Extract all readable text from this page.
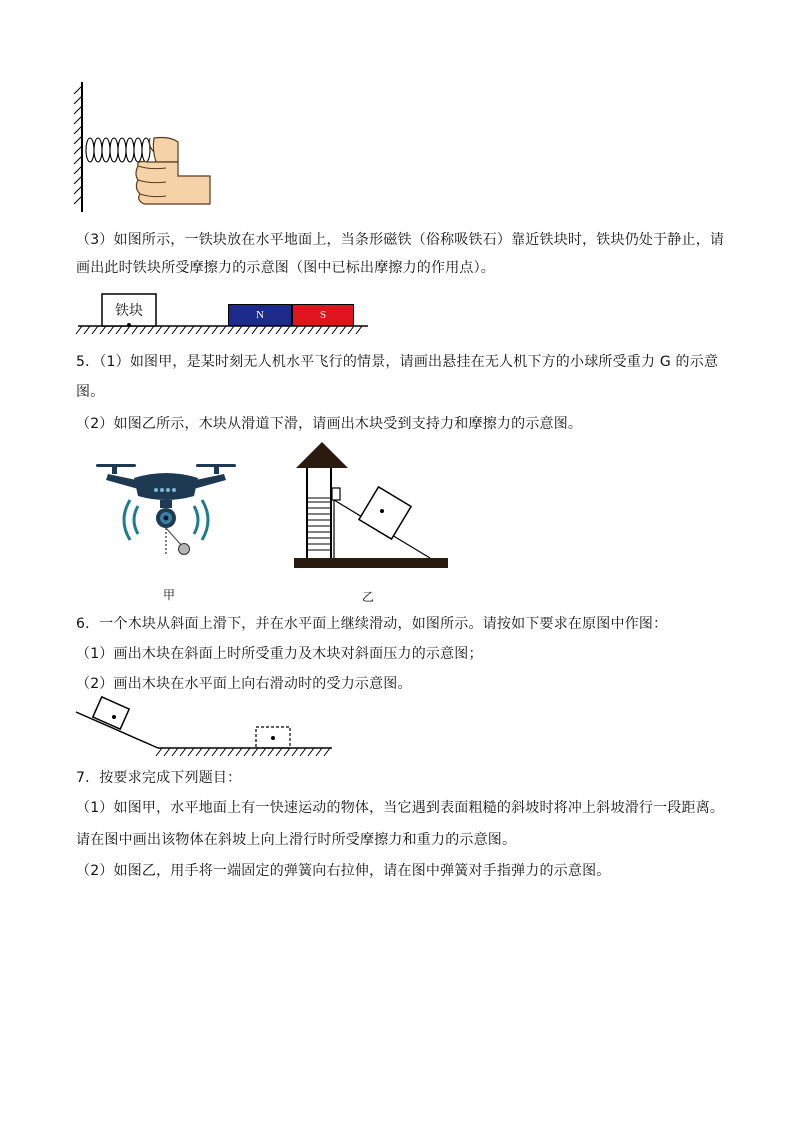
（3）如图所示，一铁块放在水平地面上，当条形磁铁（俗称吸铁石）靠近铁块时，铁块仍处于静止，请
画出此时铁块所受摩擦力的示意图（图中已标出摩擦力的作用点）。
铁块	N	S
5．（1）如图甲，是某时刻无人机水平飞行的情景，请画出悬挂在无人机下方的小球所受重力 G 的示意
图。
（2）如图乙所示，木块从滑道下滑，请画出木块受到支持力和摩擦力的示意图。
甲	乙
6．一个木块从斜面上滑下，并在水平面上继续滑动，如图所示。请按如下要求在原图中作图：
（1）画出木块在斜面上时所受重力及木块对斜面压力的示意图；
（2）画出木块在水平面上向右滑动时的受力示意图。
7．按要求完成下列题目：
（1）如图甲，水平地面上有一快速运动的物体，当它遇到表面粗糙的斜坡时将冲上斜坡滑行一段距离。
请在图中画出该物体在斜坡上向上滑行时所受摩擦力和重力的示意图。
（2）如图乙，用手将一端固定的弹簧向右拉伸，请在图中弹簧对手指弹力的示意图。
